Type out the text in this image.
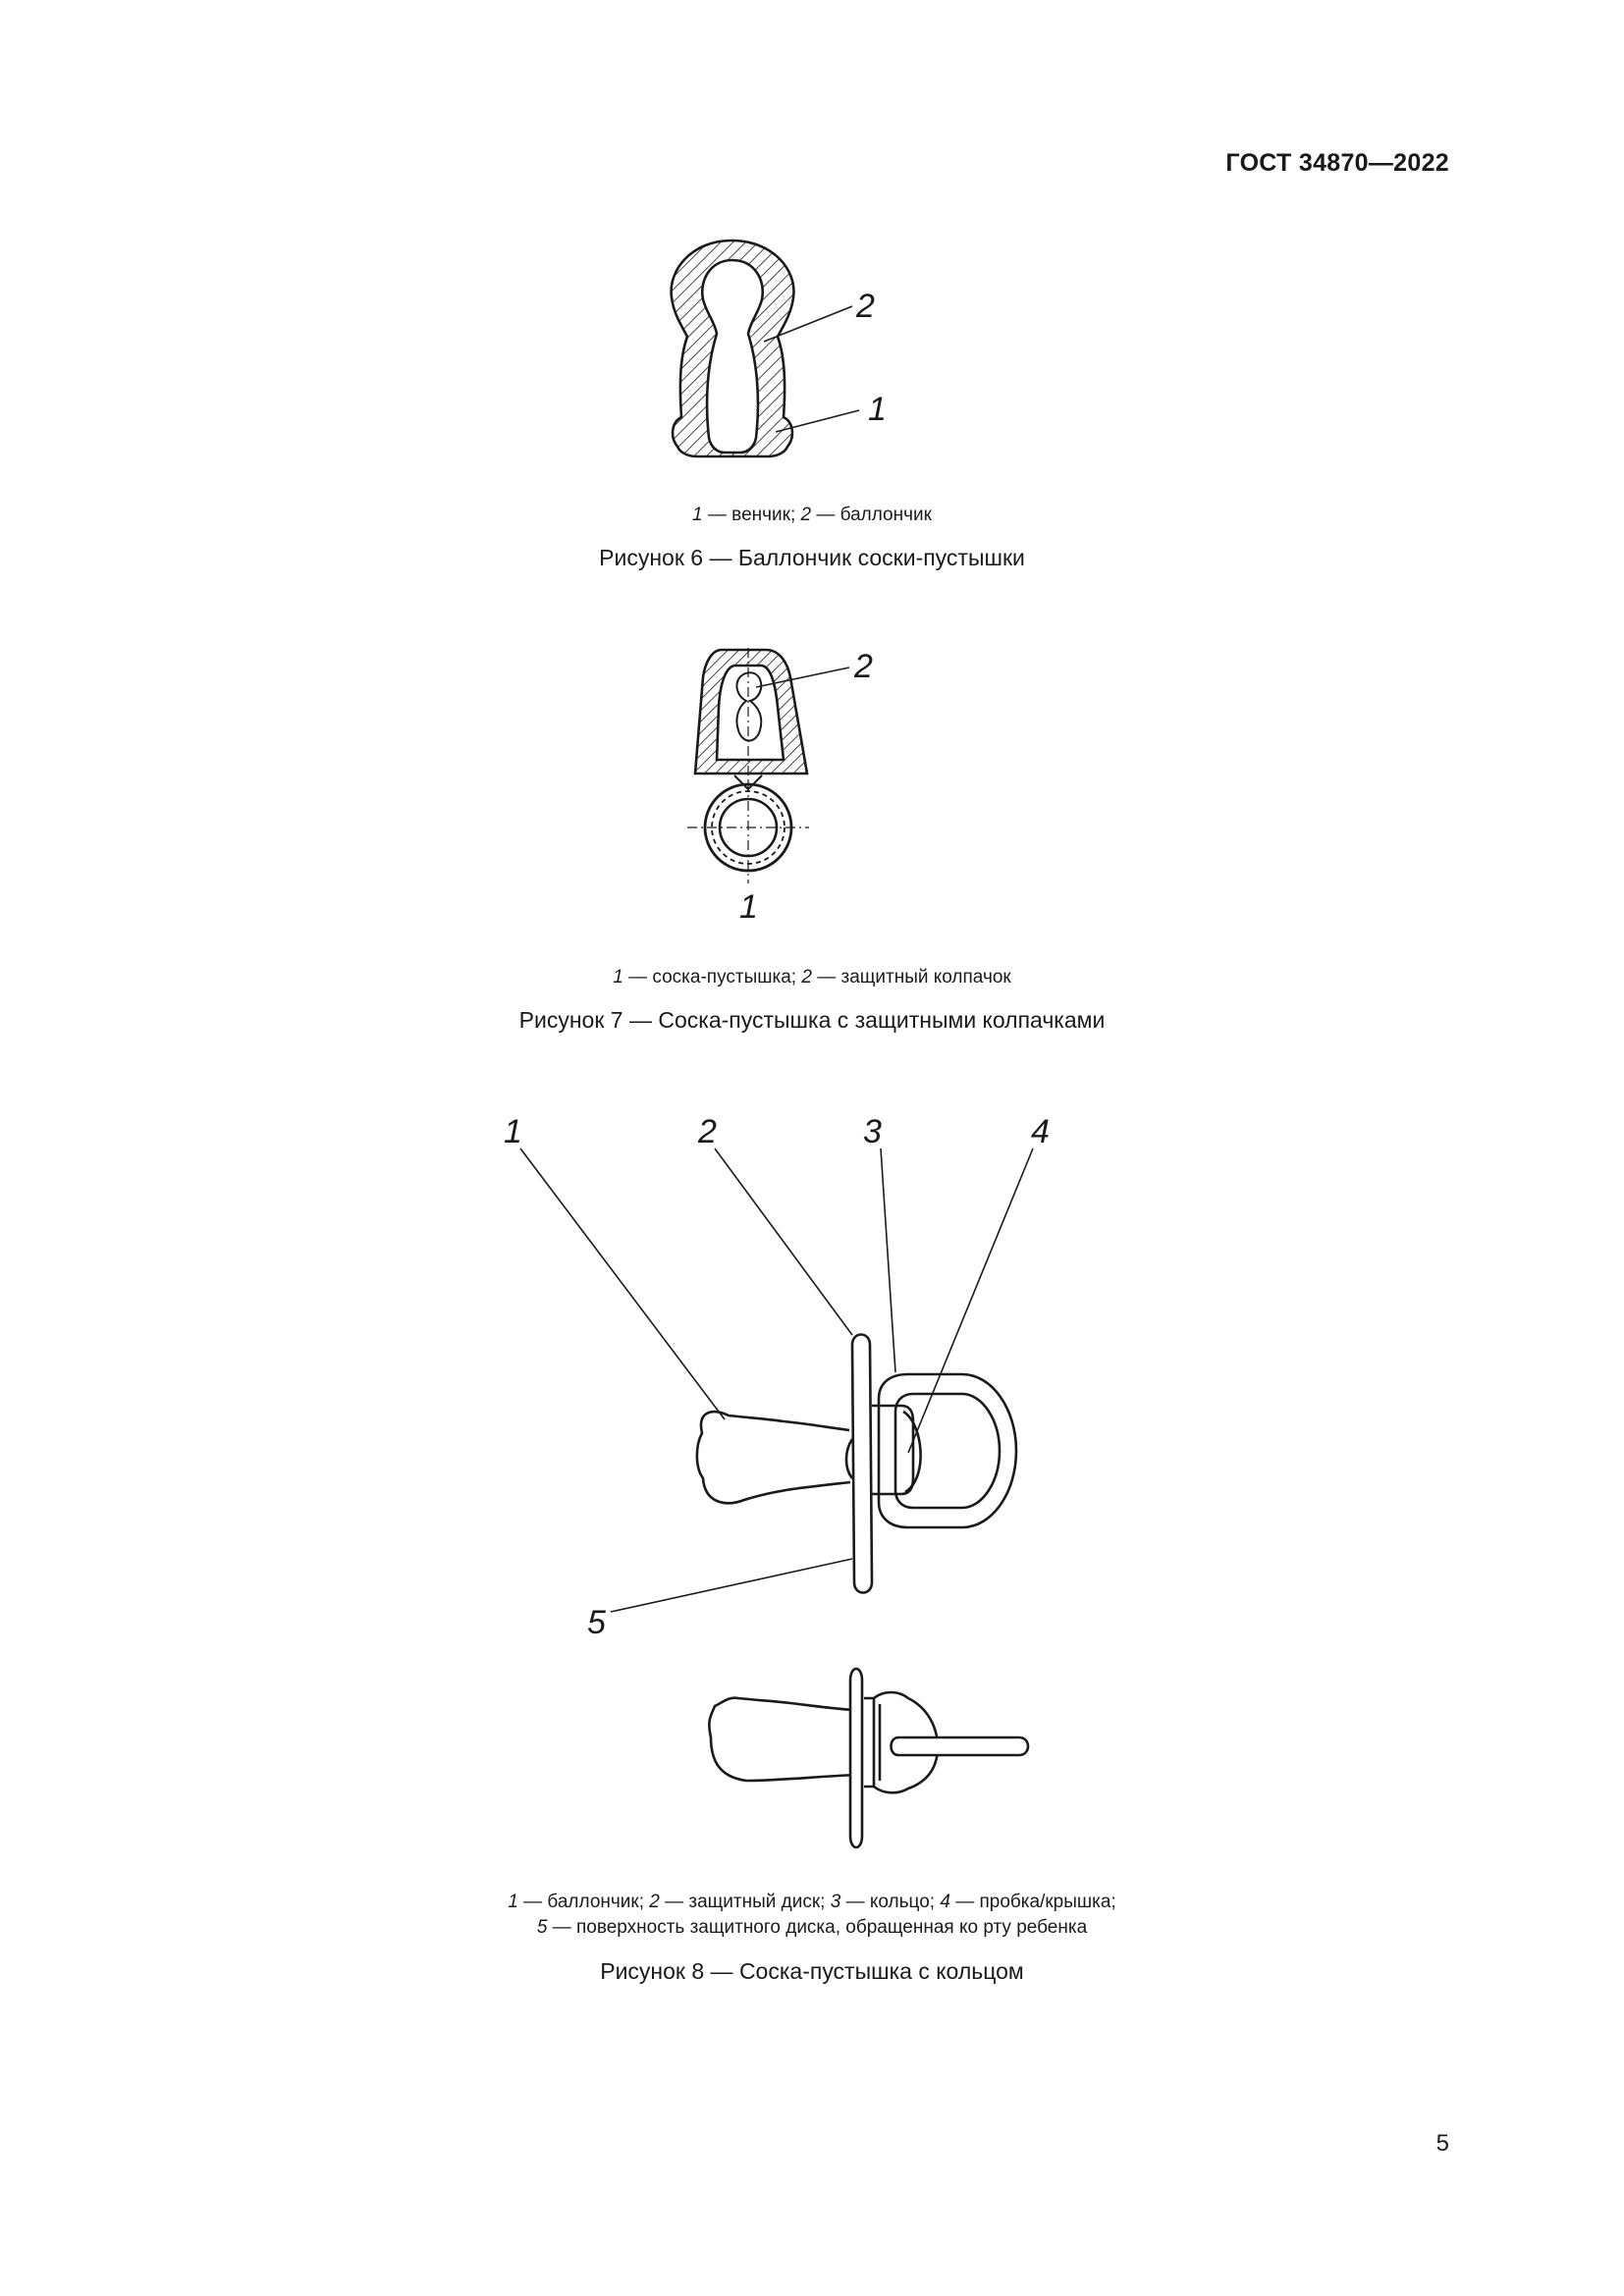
ГОСТ 34870—2022
2
1
1 — венчик; 2 — баллончик
Рисунок 6 — Баллончик соски-пустышки
2
1
1 — соска-пустышка; 2 — защитный колпачок
Рисунок 7 — Соска-пустышка с защитными колпачками
1	2	3	4
5
1 — баллончик; 2 — защитный диск; 3 — кольцо; 4 — пробка/крышка;
5 — поверхность защитного диска, обращенная ко рту ребенка
Рисунок 8 — Соска-пустышка с кольцом
5
